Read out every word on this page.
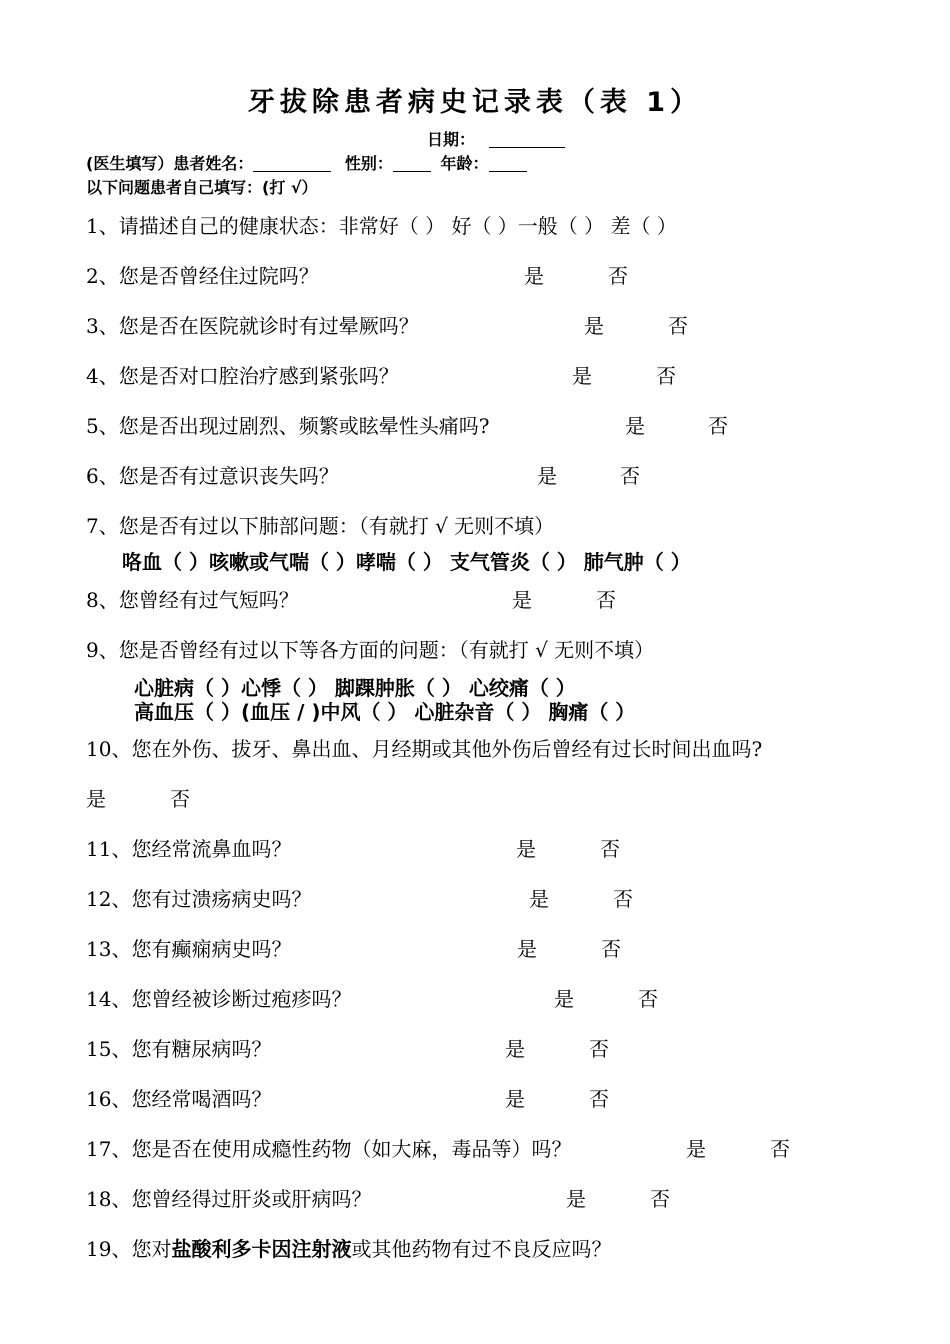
牙拔除患者病史记录表（表 1）
日期：
(医生填写）患者姓名：	性别：	年龄：
以下问题患者自己填写：(打 √）
1、请描述自己的健康状态：非常好（ ） 好（ ）一般（ ） 差（ ）
2、您是否曾经住过院吗？	是	否
3、您是否在医院就诊时有过晕厥吗？	是	否
4、您是否对口腔治疗感到紧张吗？	是	否
5、您是否出现过剧烈、频繁或眩晕性头痛吗?	是	否
6、您是否有过意识丧失吗？	是	否
7、您是否有过以下肺部问题：（有就打 √ 无则不填）
咯血（ ）咳嗽或气喘（ ）哮喘（ ） 支气管炎（ ） 肺气肿（ ）
8、您曾经有过气短吗？	是	否
9、您是否曾经有过以下等各方面的问题：（有就打 √ 无则不填）
心脏病（ ）心悸（ ） 脚踝肿胀（ ） 心绞痛（ ）
高血压（ ）(血压 / )中风（ ） 心脏杂音（ ） 胸痛（ ）
10、您在外伤、拔牙、鼻出血、月经期或其他外伤后曾经有过长时间出血吗?
是	否
11、您经常流鼻血吗？	是	否
12、您有过溃疡病史吗？	是	否
13、您有癫痫病史吗？	是	否
14、您曾经被诊断过疱疹吗？	是	否
15、您有糖尿病吗？	是	否
16、您经常喝酒吗？	是	否
17、您是否在使用成瘾性药物（如大麻，毒品等）吗？	是	否
18、您曾经得过肝炎或肝病吗？	是	否
19、您对盐酸利多卡因注射液或其他药物有过不良反应吗？
